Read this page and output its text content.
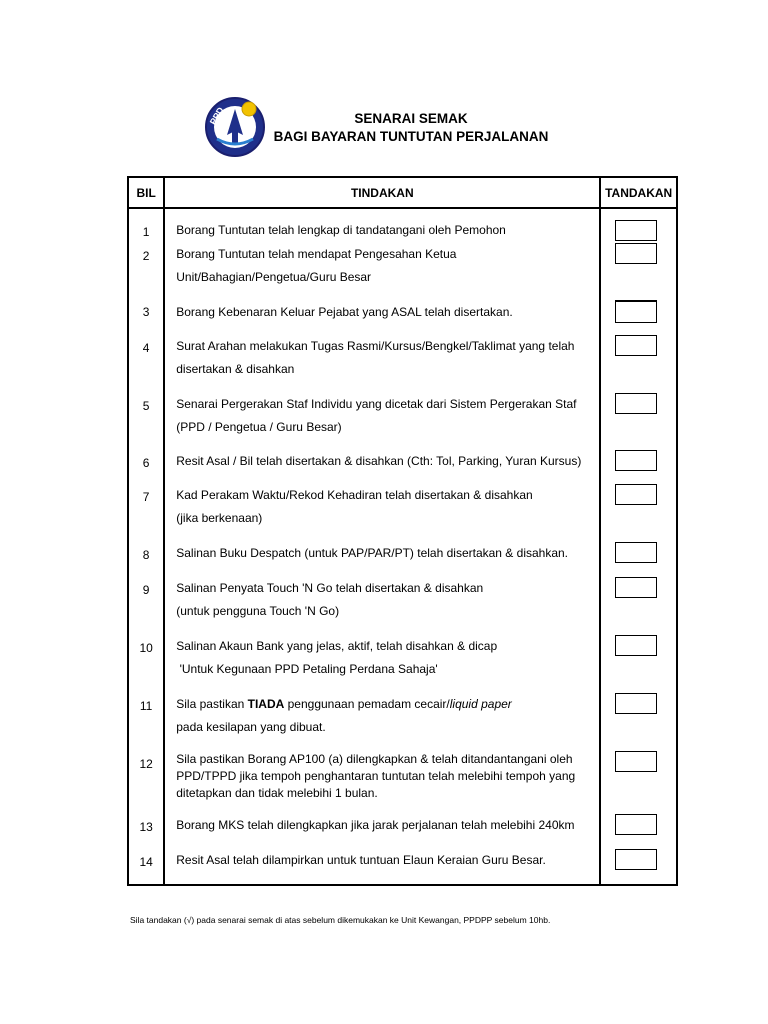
PPD	SENARAI SEMAK
BAGI BAYARAN TUNTUTAN PERJALANAN
BIL	TINDAKAN	TANDAKAN
1	Borang Tuntutan telah lengkap di tandatangani oleh Pemohon	

2	Borang Tuntutan telah mendapat Pengesahan Ketua
Unit/Bahagian/Pengetua/Guru Besar	

3	Borang Kebenaran Keluar Pejabat yang ASAL telah disertakan.	

4	Surat Arahan melakukan Tugas Rasmi/Kursus/Bengkel/Taklimat yang telah
disertakan & disahkan	

5	Senarai Pergerakan Staf Individu yang dicetak dari Sistem Pergerakan Staf
(PPD / Pengetua / Guru Besar)	

6	Resit Asal / Bil telah disertakan & disahkan (Cth: Tol, Parking, Yuran Kursus)	

7	Kad Perakam Waktu/Rekod Kehadiran telah disertakan & disahkan
(jika berkenaan)	

8	Salinan Buku Despatch (untuk PAP/PAR/PT) telah disertakan & disahkan.	

9	Salinan Penyata Touch 'N Go telah disertakan & disahkan
(untuk pengguna Touch 'N Go)	

10	Salinan Akaun Bank yang jelas, aktif, telah disahkan & dicap
'Untuk Kegunaan PPD Petaling Perdana Sahaja'	

11	Sila pastikan TIADA penggunaan pemadam cecair/liquid paper
pada kesilapan yang dibuat.	

12	Sila pastikan Borang AP100 (a) dilengkapkan & telah ditandantangani oleh
PPD/TPPD jika tempoh penghantaran tuntutan telah melebihi tempoh yang
ditetapkan dan tidak melebihi 1 bulan.	

13	Borang MKS telah dilengkapkan jika jarak perjalanan telah melebihi 240km	

14	Resit Asal telah dilampirkan untuk tuntuan Elaun Keraian Guru Besar.	

Sila tandakan (√) pada senarai semak di atas sebelum dikemukakan ke Unit Kewangan, PPDPP sebelum 10hb.
